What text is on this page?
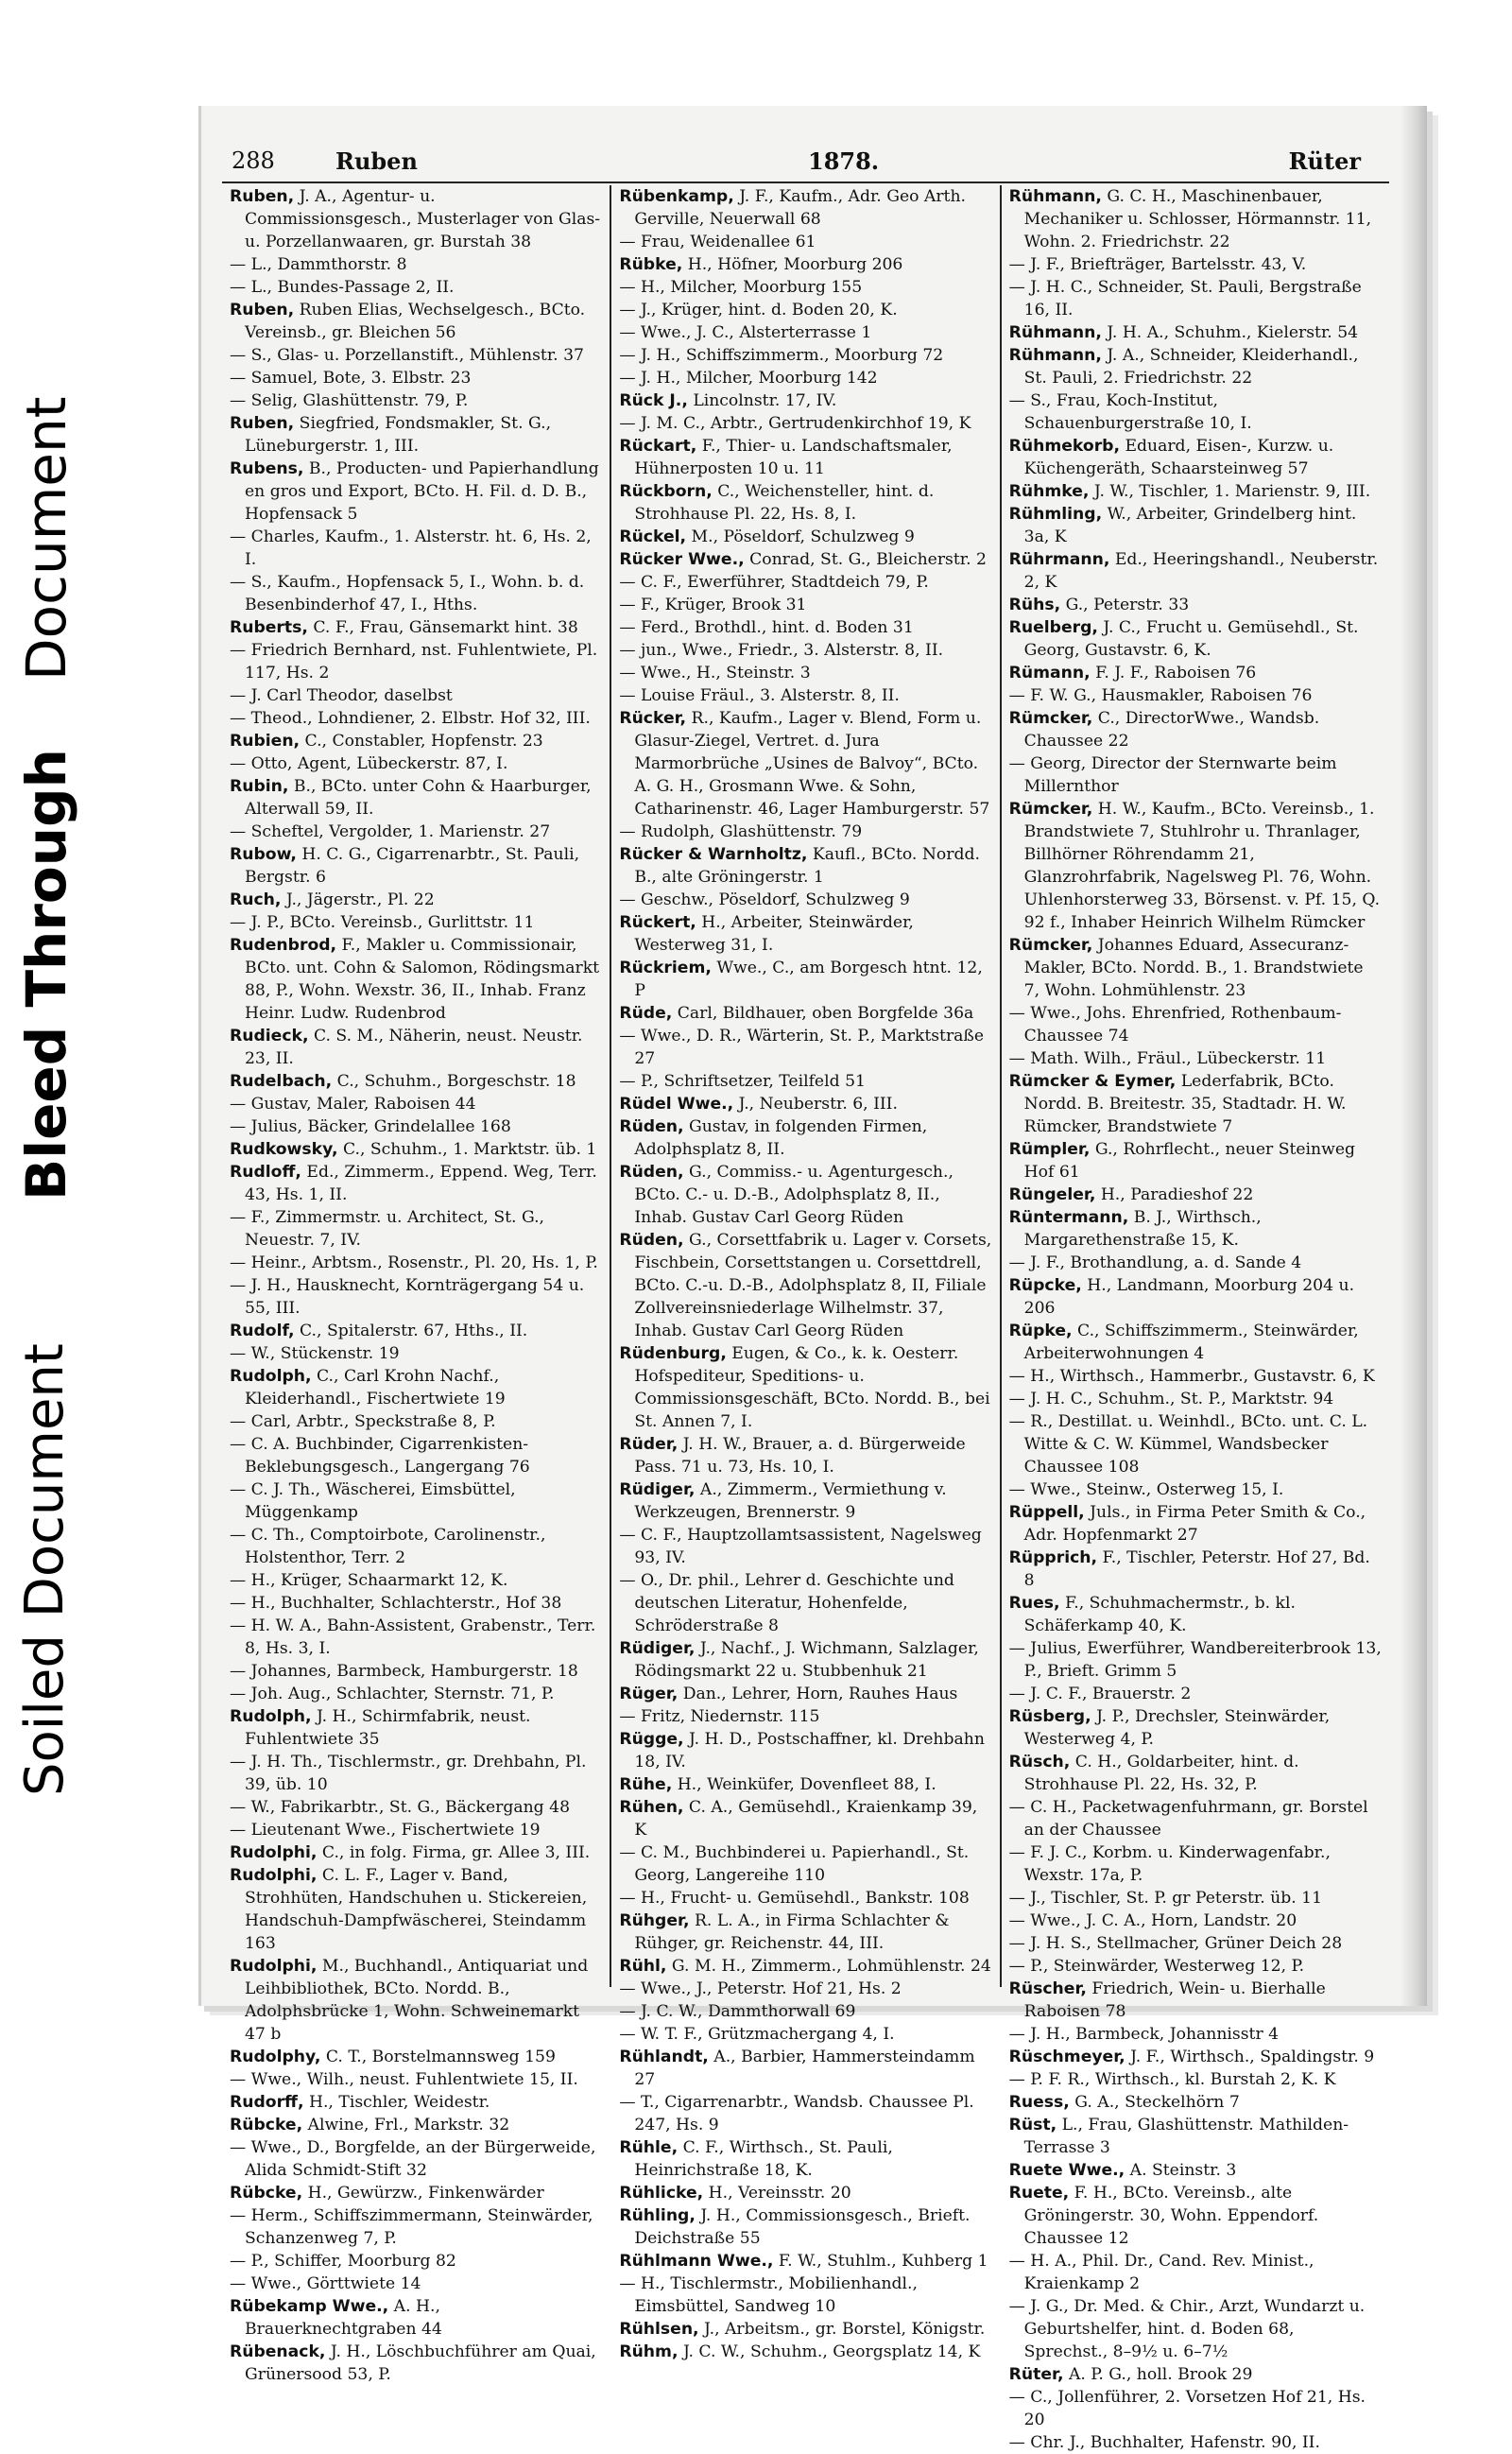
Document
Bleed Through
Soiled Document
288	Ruben	1878.	Rüter
Ruben, J. A., Agentur- u. Commissionsgesch., Musterlager von Glas- u. Porzellanwaaren, gr. Burstah 38
— L., Dammthorstr. 8
— L., Bundes-Passage 2, II.
Ruben, Ruben Elias, Wechselgesch., BCto. Vereinsb., gr. Bleichen 56
— S., Glas- u. Porzellanstift., Mühlenstr. 37
— Samuel, Bote, 3. Elbstr. 23
— Selig, Glashüttenstr. 79, P.
Ruben, Siegfried, Fondsmakler, St. G., Lüneburgerstr. 1, III.
Rubens, B., Producten- und Papierhandlung en gros und Export, BCto. H. Fil. d. D. B., Hopfensack 5
— Charles, Kaufm., 1. Alsterstr. ht. 6, Hs. 2, I.
— S., Kaufm., Hopfensack 5, I., Wohn. b. d. Besenbinderhof 47, I., Hths.
Ruberts, C. F., Frau, Gänsemarkt hint. 38
— Friedrich Bernhard, nst. Fuhlentwiete, Pl. 117, Hs. 2
— J. Carl Theodor, daselbst
— Theod., Lohndiener, 2. Elbstr. Hof 32, III.
Rubien, C., Constabler, Hopfenstr. 23
— Otto, Agent, Lübeckerstr. 87, I.
Rubin, B., BCto. unter Cohn & Haarburger, Alterwall 59, II.
— Scheftel, Vergolder, 1. Marienstr. 27
Rubow, H. C. G., Cigarrenarbtr., St. Pauli, Bergstr. 6
Ruch, J., Jägerstr., Pl. 22
— J. P., BCto. Vereinsb., Gurlittstr. 11
Rudenbrod, F., Makler u. Commissionair, BCto. unt. Cohn & Salomon, Rödingsmarkt 88, P., Wohn. Wexstr. 36, II., Inhab. Franz Heinr. Ludw. Rudenbrod
Rudieck, C. S. M., Näherin, neust. Neustr. 23, II.
Rudelbach, C., Schuhm., Borgeschstr. 18
— Gustav, Maler, Raboisen 44
— Julius, Bäcker, Grindelallee 168
Rudkowsky, C., Schuhm., 1. Marktstr. üb. 1
Rudloff, Ed., Zimmerm., Eppend. Weg, Terr. 43, Hs. 1, II.
— F., Zimmermstr. u. Architect, St. G., Neuestr. 7, IV.
— Heinr., Arbtsm., Rosenstr., Pl. 20, Hs. 1, P.
— J. H., Hausknecht, Kornträgergang 54 u. 55, III.
Rudolf, C., Spitalerstr. 67, Hths., II.
— W., Stückenstr. 19
Rudolph, C., Carl Krohn Nachf., Kleiderhandl., Fischertwiete 19
— Carl, Arbtr., Speckstraße 8, P.
— C. A. Buchbinder, Cigarrenkisten-Beklebungsgesch., Langergang 76
— C. J. Th., Wäscherei, Eimsbüttel, Müggenkamp
— C. Th., Comptoirbote, Carolinenstr., Holstenthor, Terr. 2
— H., Krüger, Schaarmarkt 12, K.
— H., Buchhalter, Schlachterstr., Hof 38
— H. W. A., Bahn-Assistent, Grabenstr., Terr. 8, Hs. 3, I.
— Johannes, Barmbeck, Hamburgerstr. 18
— Joh. Aug., Schlachter, Sternstr. 71, P.
Rudolph, J. H., Schirmfabrik, neust. Fuhlentwiete 35
— J. H. Th., Tischlermstr., gr. Drehbahn, Pl. 39, üb. 10
— W., Fabrikarbtr., St. G., Bäckergang 48
— Lieutenant Wwe., Fischertwiete 19
Rudolphi, C., in folg. Firma, gr. Allee 3, III.
Rudolphi, C. L. F., Lager v. Band, Strohhüten, Handschuhen u. Stickereien, Handschuh-Dampfwäscherei, Steindamm 163
Rudolphi, M., Buchhandl., Antiquariat und Leihbibliothek, BCto. Nordd. B., Adolphsbrücke 1, Wohn. Schweinemarkt 47 b
Rudolphy, C. T., Borstelmannsweg 159
— Wwe., Wilh., neust. Fuhlentwiete 15, II.
Rudorff, H., Tischler, Weidestr.
Rübcke, Alwine, Frl., Markstr. 32
— Wwe., D., Borgfelde, an der Bürgerweide, Alida Schmidt-Stift 32
Rübcke, H., Gewürzw., Finkenwärder
— Herm., Schiffszimmermann, Steinwärder, Schanzenweg 7, P.
— P., Schiffer, Moorburg 82
— Wwe., Görttwiete 14
Rübekamp Wwe., A. H., Brauerknechtgraben 44
Rübenack, J. H., Löschbuchführer am Quai, Grünersood 53, P.
Rübenkamp, J. F., Kaufm., Adr. Geo Arth. Gerville, Neuerwall 68
— Frau, Weidenallee 61
Rübke, H., Höfner, Moorburg 206
— H., Milcher, Moorburg 155
— J., Krüger, hint. d. Boden 20, K.
— Wwe., J. C., Alsterterrasse 1
— J. H., Schiffszimmerm., Moorburg 72
— J. H., Milcher, Moorburg 142
Rück J., Lincolnstr. 17, IV.
— J. M. C., Arbtr., Gertrudenkirchhof 19, K
Rückart, F., Thier- u. Landschaftsmaler, Hühnerposten 10 u. 11
Rückborn, C., Weichensteller, hint. d. Strohhause Pl. 22, Hs. 8, I.
Rückel, M., Pöseldorf, Schulzweg 9
Rücker Wwe., Conrad, St. G., Bleicherstr. 2
— C. F., Ewerführer, Stadtdeich 79, P.
— F., Krüger, Brook 31
— Ferd., Brothdl., hint. d. Boden 31
— jun., Wwe., Friedr., 3. Alsterstr. 8, II.
— Wwe., H., Steinstr. 3
— Louise Fräul., 3. Alsterstr. 8, II.
Rücker, R., Kaufm., Lager v. Blend, Form u. Glasur-Ziegel, Vertret. d. Jura Marmorbrüche „Usines de Balvoy“, BCto. A. G. H., Grosmann Wwe. & Sohn, Catharinenstr. 46, Lager Hamburgerstr. 57
— Rudolph, Glashüttenstr. 79
Rücker & Warnholtz, Kaufl., BCto. Nordd. B., alte Gröningerstr. 1
— Geschw., Pöseldorf, Schulzweg 9
Rückert, H., Arbeiter, Steinwärder, Westerweg 31, I.
Rückriem, Wwe., C., am Borgesch htnt. 12, P
Rüde, Carl, Bildhauer, oben Borgfelde 36a
— Wwe., D. R., Wärterin, St. P., Marktstraße 27
— P., Schriftsetzer, Teilfeld 51
Rüdel Wwe., J., Neuberstr. 6, III.
Rüden, Gustav, in folgenden Firmen, Adolphsplatz 8, II.
Rüden, G., Commiss.- u. Agenturgesch., BCto. C.- u. D.-B., Adolphsplatz 8, II., Inhab. Gustav Carl Georg Rüden
Rüden, G., Corsettfabrik u. Lager v. Corsets, Fischbein, Corsettstangen u. Corsettdrell, BCto. C.-u. D.-B., Adolphsplatz 8, II, Filiale Zollvereinsniederlage Wilhelmstr. 37, Inhab. Gustav Carl Georg Rüden
Rüdenburg, Eugen, & Co., k. k. Oesterr. Hofspediteur, Speditions- u. Commissionsgeschäft, BCto. Nordd. B., bei St. Annen 7, I.
Rüder, J. H. W., Brauer, a. d. Bürgerweide Pass. 71 u. 73, Hs. 10, I.
Rüdiger, A., Zimmerm., Vermiethung v. Werkzeugen, Brennerstr. 9
— C. F., Hauptzollamtsassistent, Nagelsweg 93, IV.
— O., Dr. phil., Lehrer d. Geschichte und deutschen Literatur, Hohenfelde, Schröderstraße 8
Rüdiger, J., Nachf., J. Wichmann, Salzlager, Rödingsmarkt 22 u. Stubbenhuk 21
Rüger, Dan., Lehrer, Horn, Rauhes Haus
— Fritz, Niedernstr. 115
Rügge, J. H. D., Postschaffner, kl. Drehbahn 18, IV.
Rühe, H., Weinküfer, Dovenfleet 88, I.
Rühen, C. A., Gemüsehdl., Kraienkamp 39, K
— C. M., Buchbinderei u. Papierhandl., St. Georg, Langereihe 110
— H., Frucht- u. Gemüsehdl., Bankstr. 108
Rühger, R. L. A., in Firma Schlachter & Rühger, gr. Reichenstr. 44, III.
Rühl, G. M. H., Zimmerm., Lohmühlenstr. 24
— Wwe., J., Peterstr. Hof 21, Hs. 2
— J. C. W., Dammthorwall 69
— W. T. F., Grützmachergang 4, I.
Rühlandt, A., Barbier, Hammersteindamm 27
— T., Cigarrenarbtr., Wandsb. Chaussee Pl. 247, Hs. 9
Rühle, C. F., Wirthsch., St. Pauli, Heinrichstraße 18, K.
Rühlicke, H., Vereinsstr. 20
Rühling, J. H., Commissionsgesch., Brieft. Deichstraße 55
Rühlmann Wwe., F. W., Stuhlm., Kuhberg 1
— H., Tischlermstr., Mobilienhandl., Eimsbüttel, Sandweg 10
Rühlsen, J., Arbeitsm., gr. Borstel, Königstr.
Rühm, J. C. W., Schuhm., Georgsplatz 14, K
Rühmann, G. C. H., Maschinenbauer, Mechaniker u. Schlosser, Hörmannstr. 11, Wohn. 2. Friedrichstr. 22
— J. F., Briefträger, Bartelsstr. 43, V.
— J. H. C., Schneider, St. Pauli, Bergstraße 16, II.
Rühmann, J. H. A., Schuhm., Kielerstr. 54
Rühmann, J. A., Schneider, Kleiderhandl., St. Pauli, 2. Friedrichstr. 22
— S., Frau, Koch-Institut, Schauenburgerstraße 10, I.
Rühmekorb, Eduard, Eisen-, Kurzw. u. Küchengeräth, Schaarsteinweg 57
Rühmke, J. W., Tischler, 1. Marienstr. 9, III.
Rühmling, W., Arbeiter, Grindelberg hint. 3a, K
Rührmann, Ed., Heeringshandl., Neuberstr. 2, K
Rühs, G., Peterstr. 33
Ruelberg, J. C., Frucht u. Gemüsehdl., St. Georg, Gustavstr. 6, K.
Rümann, F. J. F., Raboisen 76
— F. W. G., Hausmakler, Raboisen 76
Rümcker, C., DirectorWwe., Wandsb. Chaussee 22
— Georg, Director der Sternwarte beim Millernthor
Rümcker, H. W., Kaufm., BCto. Vereinsb., 1. Brandstwiete 7, Stuhlrohr u. Thranlager, Billhörner Röhrendamm 21, Glanzrohrfabrik, Nagelsweg Pl. 76, Wohn. Uhlenhorsterweg 33, Börsenst. v. Pf. 15, Q. 92 f., Inhaber Heinrich Wilhelm Rümcker
Rümcker, Johannes Eduard, Assecuranz-Makler, BCto. Nordd. B., 1. Brandstwiete 7, Wohn. Lohmühlenstr. 23
— Wwe., Johs. Ehrenfried, Rothenbaum-Chaussee 74
— Math. Wilh., Fräul., Lübeckerstr. 11
Rümcker & Eymer, Lederfabrik, BCto. Nordd. B. Breitestr. 35, Stadtadr. H. W. Rümcker, Brandstwiete 7
Rümpler, G., Rohrflecht., neuer Steinweg Hof 61
Rüngeler, H., Paradieshof 22
Rüntermann, B. J., Wirthsch., Margarethenstraße 15, K.
— J. F., Brothandlung, a. d. Sande 4
Rüpcke, H., Landmann, Moorburg 204 u. 206
Rüpke, C., Schiffszimmerm., Steinwärder, Arbeiterwohnungen 4
— H., Wirthsch., Hammerbr., Gustavstr. 6, K
— J. H. C., Schuhm., St. P., Marktstr. 94
— R., Destillat. u. Weinhdl., BCto. unt. C. L. Witte & C. W. Kümmel, Wandsbecker Chaussee 108
— Wwe., Steinw., Osterweg 15, I.
Rüppell, Juls., in Firma Peter Smith & Co., Adr. Hopfenmarkt 27
Rüpprich, F., Tischler, Peterstr. Hof 27, Bd. 8
Rues, F., Schuhmachermstr., b. kl. Schäferkamp 40, K.
— Julius, Ewerführer, Wandbereiterbrook 13, P., Brieft. Grimm 5
— J. C. F., Brauerstr. 2
Rüsberg, J. P., Drechsler, Steinwärder, Westerweg 4, P.
Rüsch, C. H., Goldarbeiter, hint. d. Strohhause Pl. 22, Hs. 32, P.
— C. H., Packetwagenfuhrmann, gr. Borstel an der Chaussee
— F. J. C., Korbm. u. Kinderwagenfabr., Wexstr. 17a, P.
— J., Tischler, St. P. gr Peterstr. üb. 11
— Wwe., J. C. A., Horn, Landstr. 20
— J. H. S., Stellmacher, Grüner Deich 28
— P., Steinwärder, Westerweg 12, P.
Rüscher, Friedrich, Wein- u. Bierhalle Raboisen 78
— J. H., Barmbeck, Johannisstr 4
Rüschmeyer, J. F., Wirthsch., Spaldingstr. 9
— P. F. R., Wirthsch., kl. Burstah 2, K. K
Ruess, G. A., Steckelhörn 7
Rüst, L., Frau, Glashüttenstr. Mathilden-Terrasse 3
Ruete Wwe., A. Steinstr. 3
Ruete, F. H., BCto. Vereinsb., alte Gröningerstr. 30, Wohn. Eppendorf. Chaussee 12
— H. A., Phil. Dr., Cand. Rev. Minist., Kraienkamp 2
— J. G., Dr. Med. & Chir., Arzt, Wundarzt u. Geburtshelfer, hint. d. Boden 68, Sprechst., 8–9½ u. 6–7½
Rüter, A. P. G., holl. Brook 29
— C., Jollenführer, 2. Vorsetzen Hof 21, Hs. 20
— Chr. J., Buchhalter, Hafenstr. 90, II.
